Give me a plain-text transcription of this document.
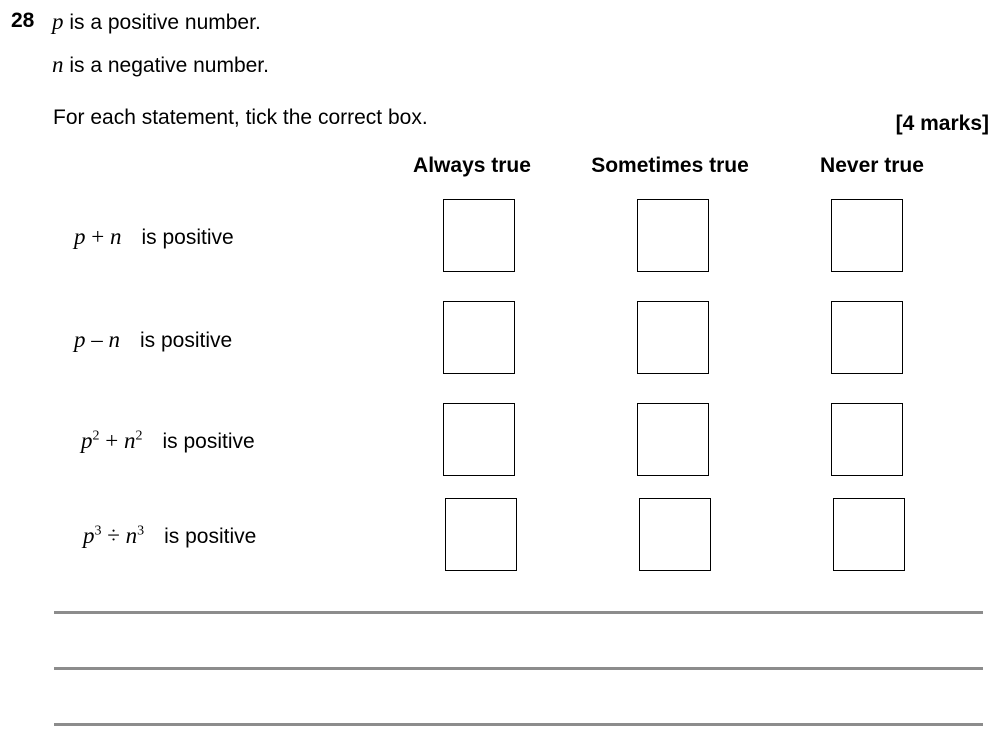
28 p is a positive number.
n is a negative number.
For each statement, tick the correct box.	[4 marks]
Always true	Sometimes true	Never true
p + n is positive
p – n is positive
$p^2 + n^2$ is positive
$p^3 \div n^3$ is positive
